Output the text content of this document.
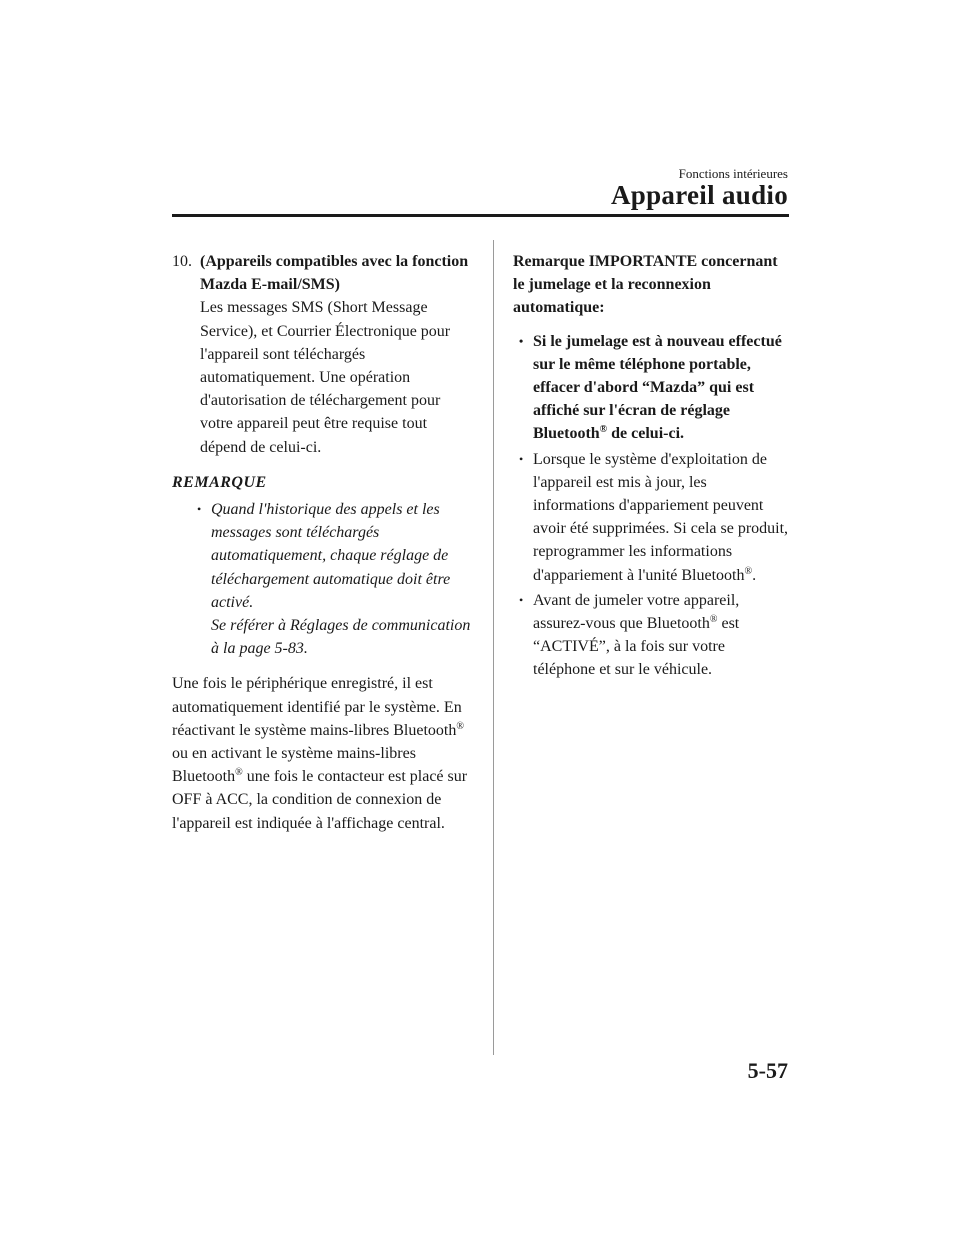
Fonctions intérieures
Appareil audio
10. (Appareils compatibles avec la fonction Mazda E-mail/SMS)
Les messages SMS (Short Message Service), et Courrier Électronique pour l'appareil sont téléchargés automatiquement. Une opération d'autorisation de téléchargement pour votre appareil peut être requise tout dépend de celui-ci.
REMARQUE
• Quand l'historique des appels et les messages sont téléchargés automatiquement, chaque réglage de téléchargement automatique doit être activé.
Se référer à Réglages de communication à la page 5-83.
Une fois le périphérique enregistré, il est automatiquement identifié par le système. En réactivant le système mains-libres Bluetooth® ou en activant le système mains-libres Bluetooth® une fois le contacteur est placé sur OFF à ACC, la condition de connexion de l'appareil est indiquée à l'affichage central.
Remarque IMPORTANTE concernant le jumelage et la reconnexion automatique:
• Si le jumelage est à nouveau effectué sur le même téléphone portable, effacer d'abord “Mazda” qui est affiché sur l'écran de réglage Bluetooth® de celui-ci.
• Lorsque le système d'exploitation de l'appareil est mis à jour, les informations d'appariement peuvent avoir été supprimées. Si cela se produit, reprogrammer les informations d'appariement à l'unité Bluetooth®.
• Avant de jumeler votre appareil, assurez-vous que Bluetooth® est “ACTIVÉ”, à la fois sur votre téléphone et sur le véhicule.
5-57
